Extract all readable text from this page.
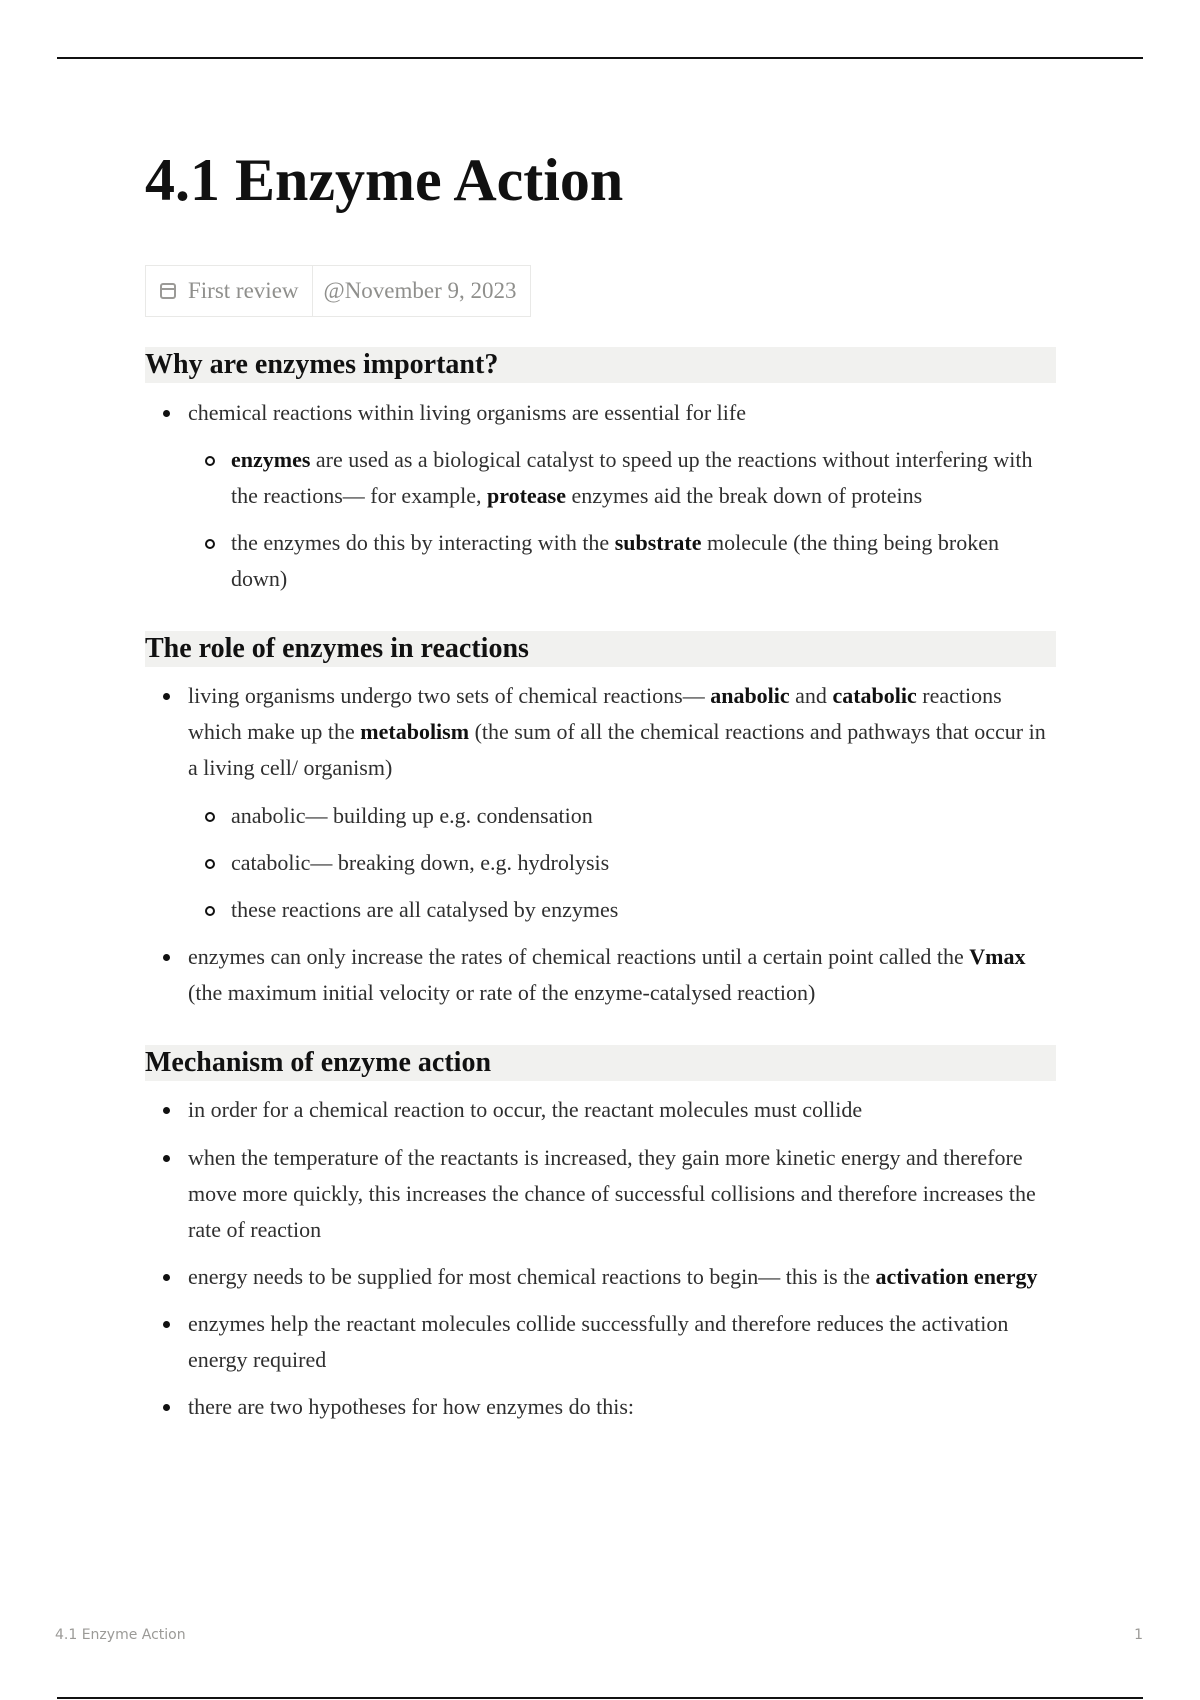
4.1 Enzyme Action
First review @November 9, 2023
Why are enzymes important?
chemical reactions within living organisms are essential for life
enzymes are used as a biological catalyst to speed up the reactions without interfering with the reactions— for example, protease enzymes aid the break down of proteins
the enzymes do this by interacting with the substrate molecule (the thing being broken down)
The role of enzymes in reactions
living organisms undergo two sets of chemical reactions— anabolic and catabolic reactions which make up the metabolism (the sum of all the chemical reactions and pathways that occur in a living cell/ organism)
anabolic— building up e.g. condensation
catabolic— breaking down, e.g. hydrolysis
these reactions are all catalysed by enzymes
enzymes can only increase the rates of chemical reactions until a certain point called the Vmax (the maximum initial velocity or rate of the enzyme-catalysed reaction)
Mechanism of enzyme action
in order for a chemical reaction to occur, the reactant molecules must collide
when the temperature of the reactants is increased, they gain more kinetic energy and therefore move more quickly, this increases the chance of successful collisions and therefore increases the rate of reaction
energy needs to be supplied for most chemical reactions to begin— this is the activation energy
enzymes help the reactant molecules collide successfully and therefore reduces the activation energy required
there are two hypotheses for how enzymes do this:
4.1 Enzyme Action	1
